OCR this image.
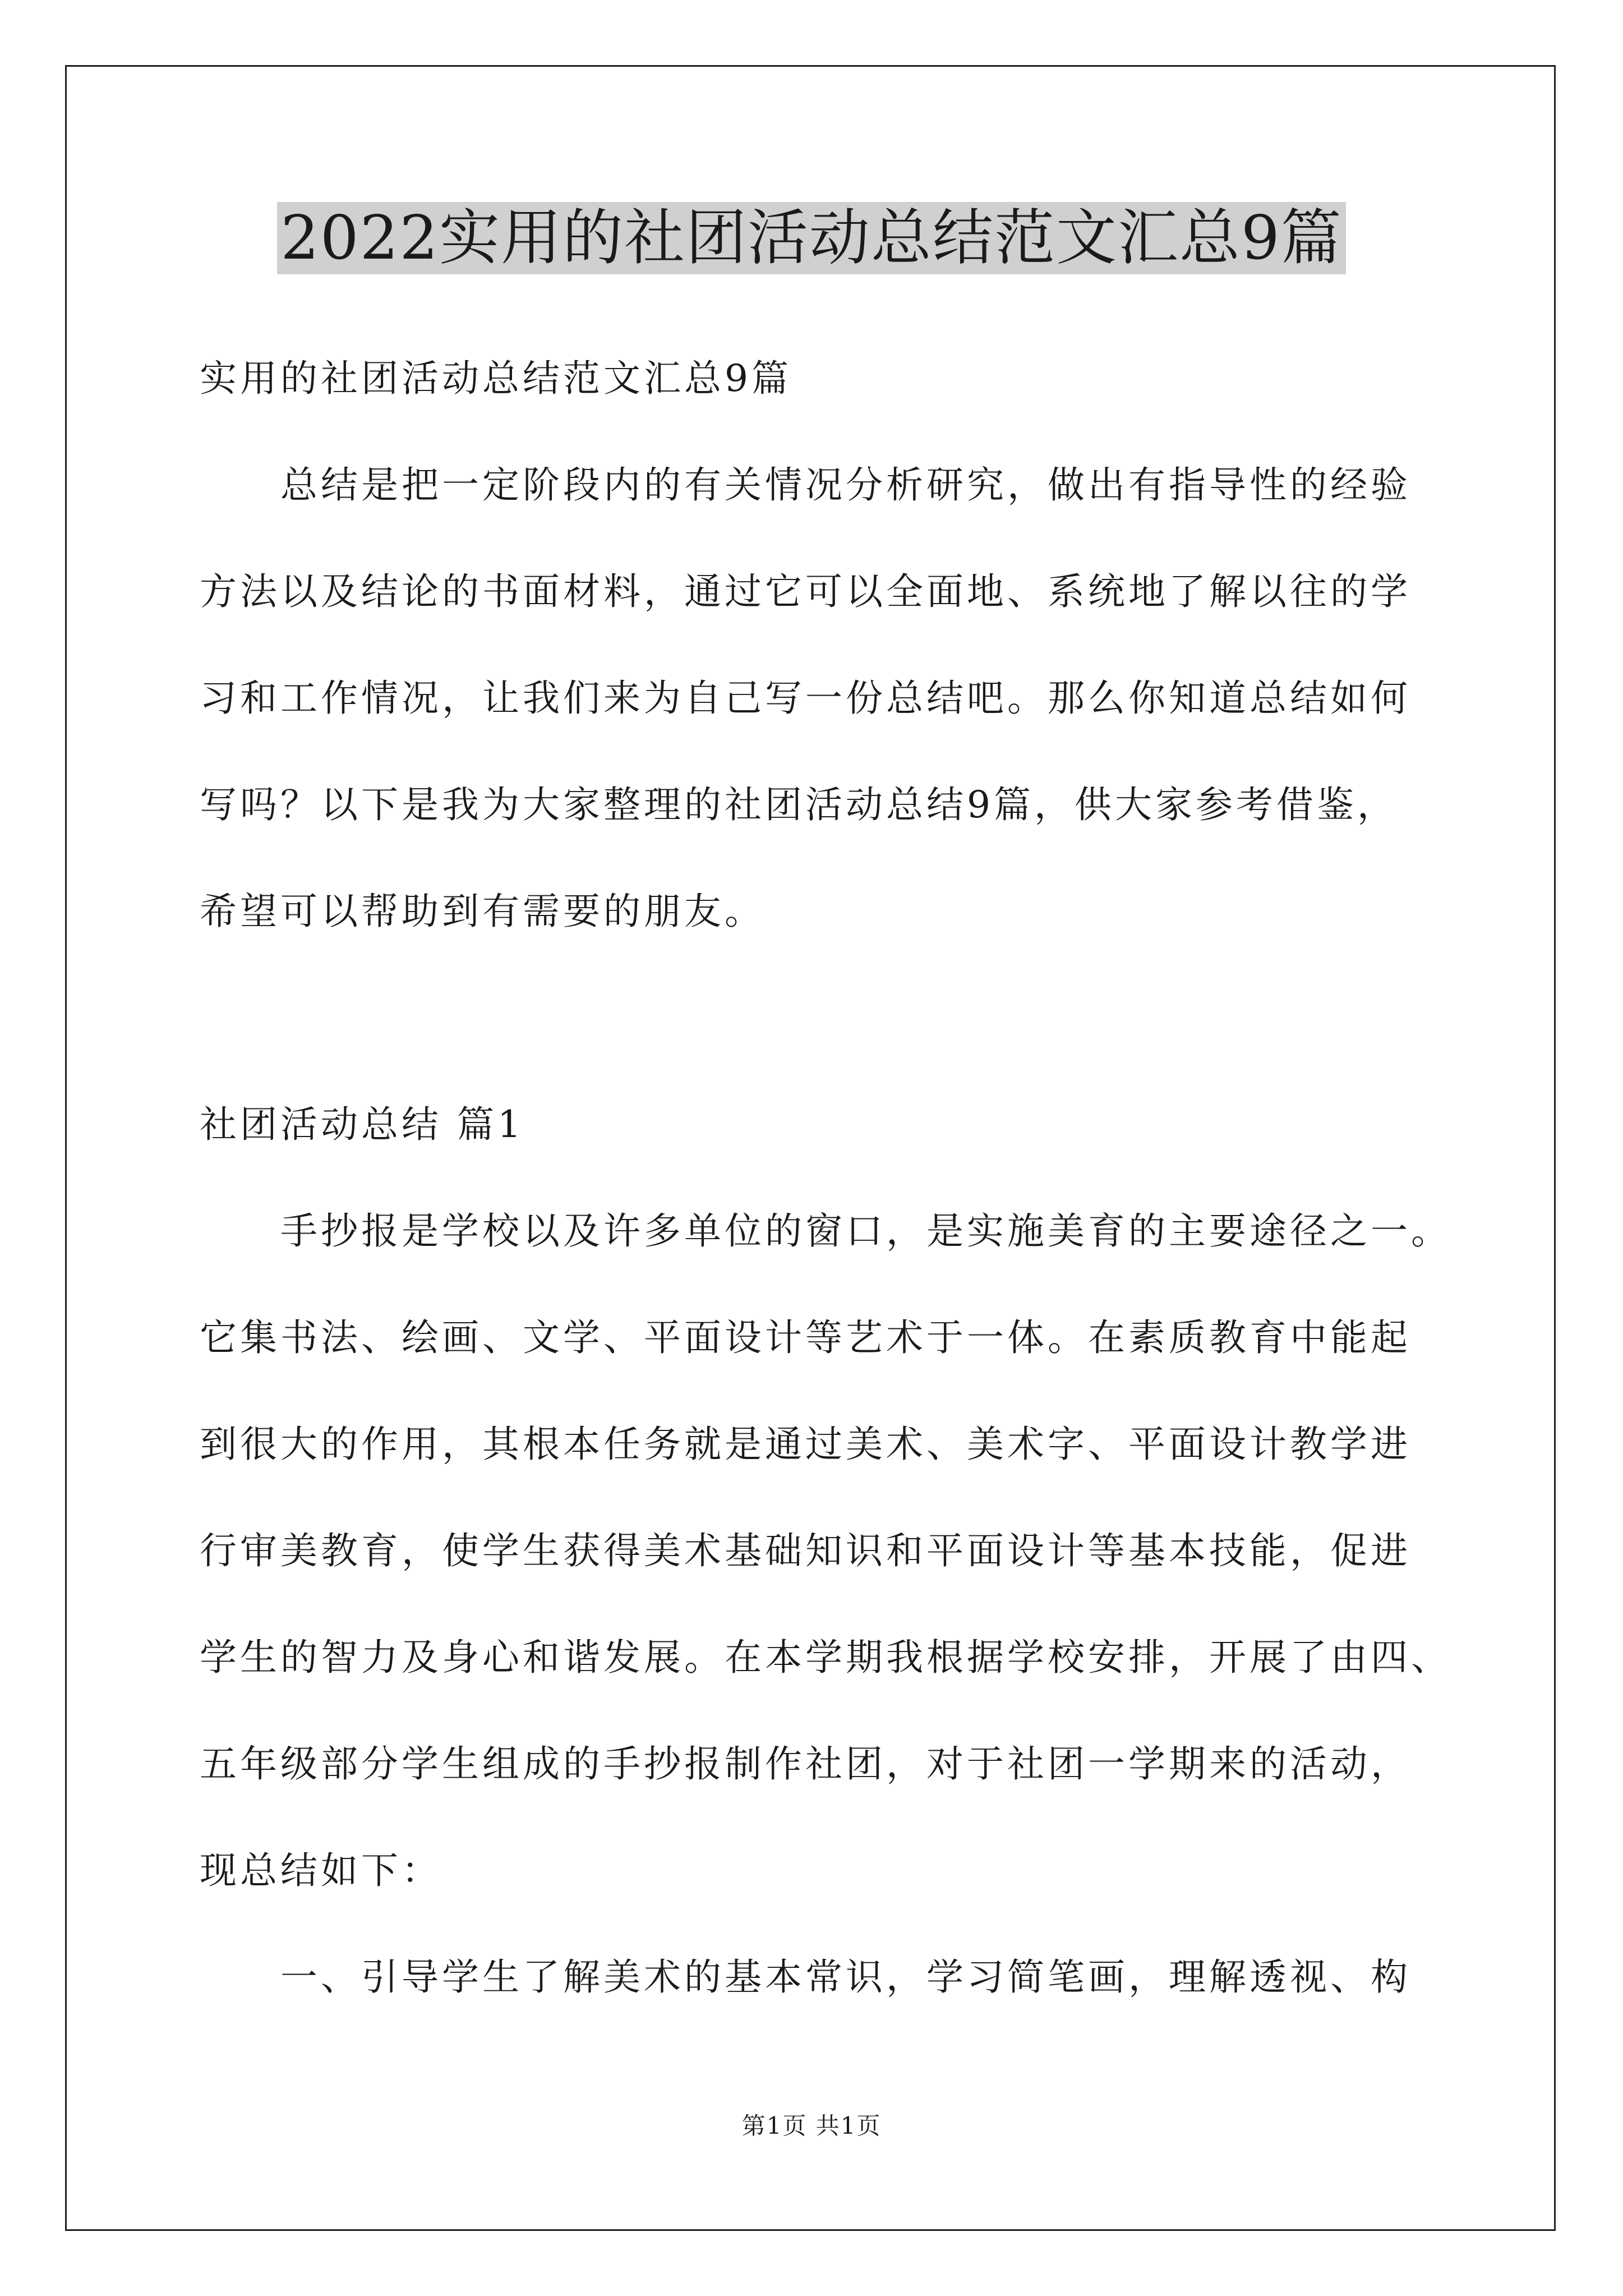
2022实用的社团活动总结范文汇总9篇
实用的社团活动总结范文汇总9篇
总结是把一定阶段内的有关情况分析研究，做出有指导性的经验
方法以及结论的书面材料，通过它可以全面地、系统地了解以往的学
习和工作情况，让我们来为自己写一份总结吧。那么你知道总结如何
写吗？以下是我为大家整理的社团活动总结9篇，供大家参考借鉴，
希望可以帮助到有需要的朋友。
社团活动总结 篇1
手抄报是学校以及许多单位的窗口，是实施美育的主要途径之一。
它集书法、绘画、文学、平面设计等艺术于一体。在素质教育中能起
到很大的作用，其根本任务就是通过美术、美术字、平面设计教学进
行审美教育，使学生获得美术基础知识和平面设计等基本技能，促进
学生的智力及身心和谐发展。在本学期我根据学校安排，开展了由四、
五年级部分学生组成的手抄报制作社团，对于社团一学期来的活动，
现总结如下：
一、引导学生了解美术的基本常识，学习简笔画，理解透视、构
第1页 共1页
